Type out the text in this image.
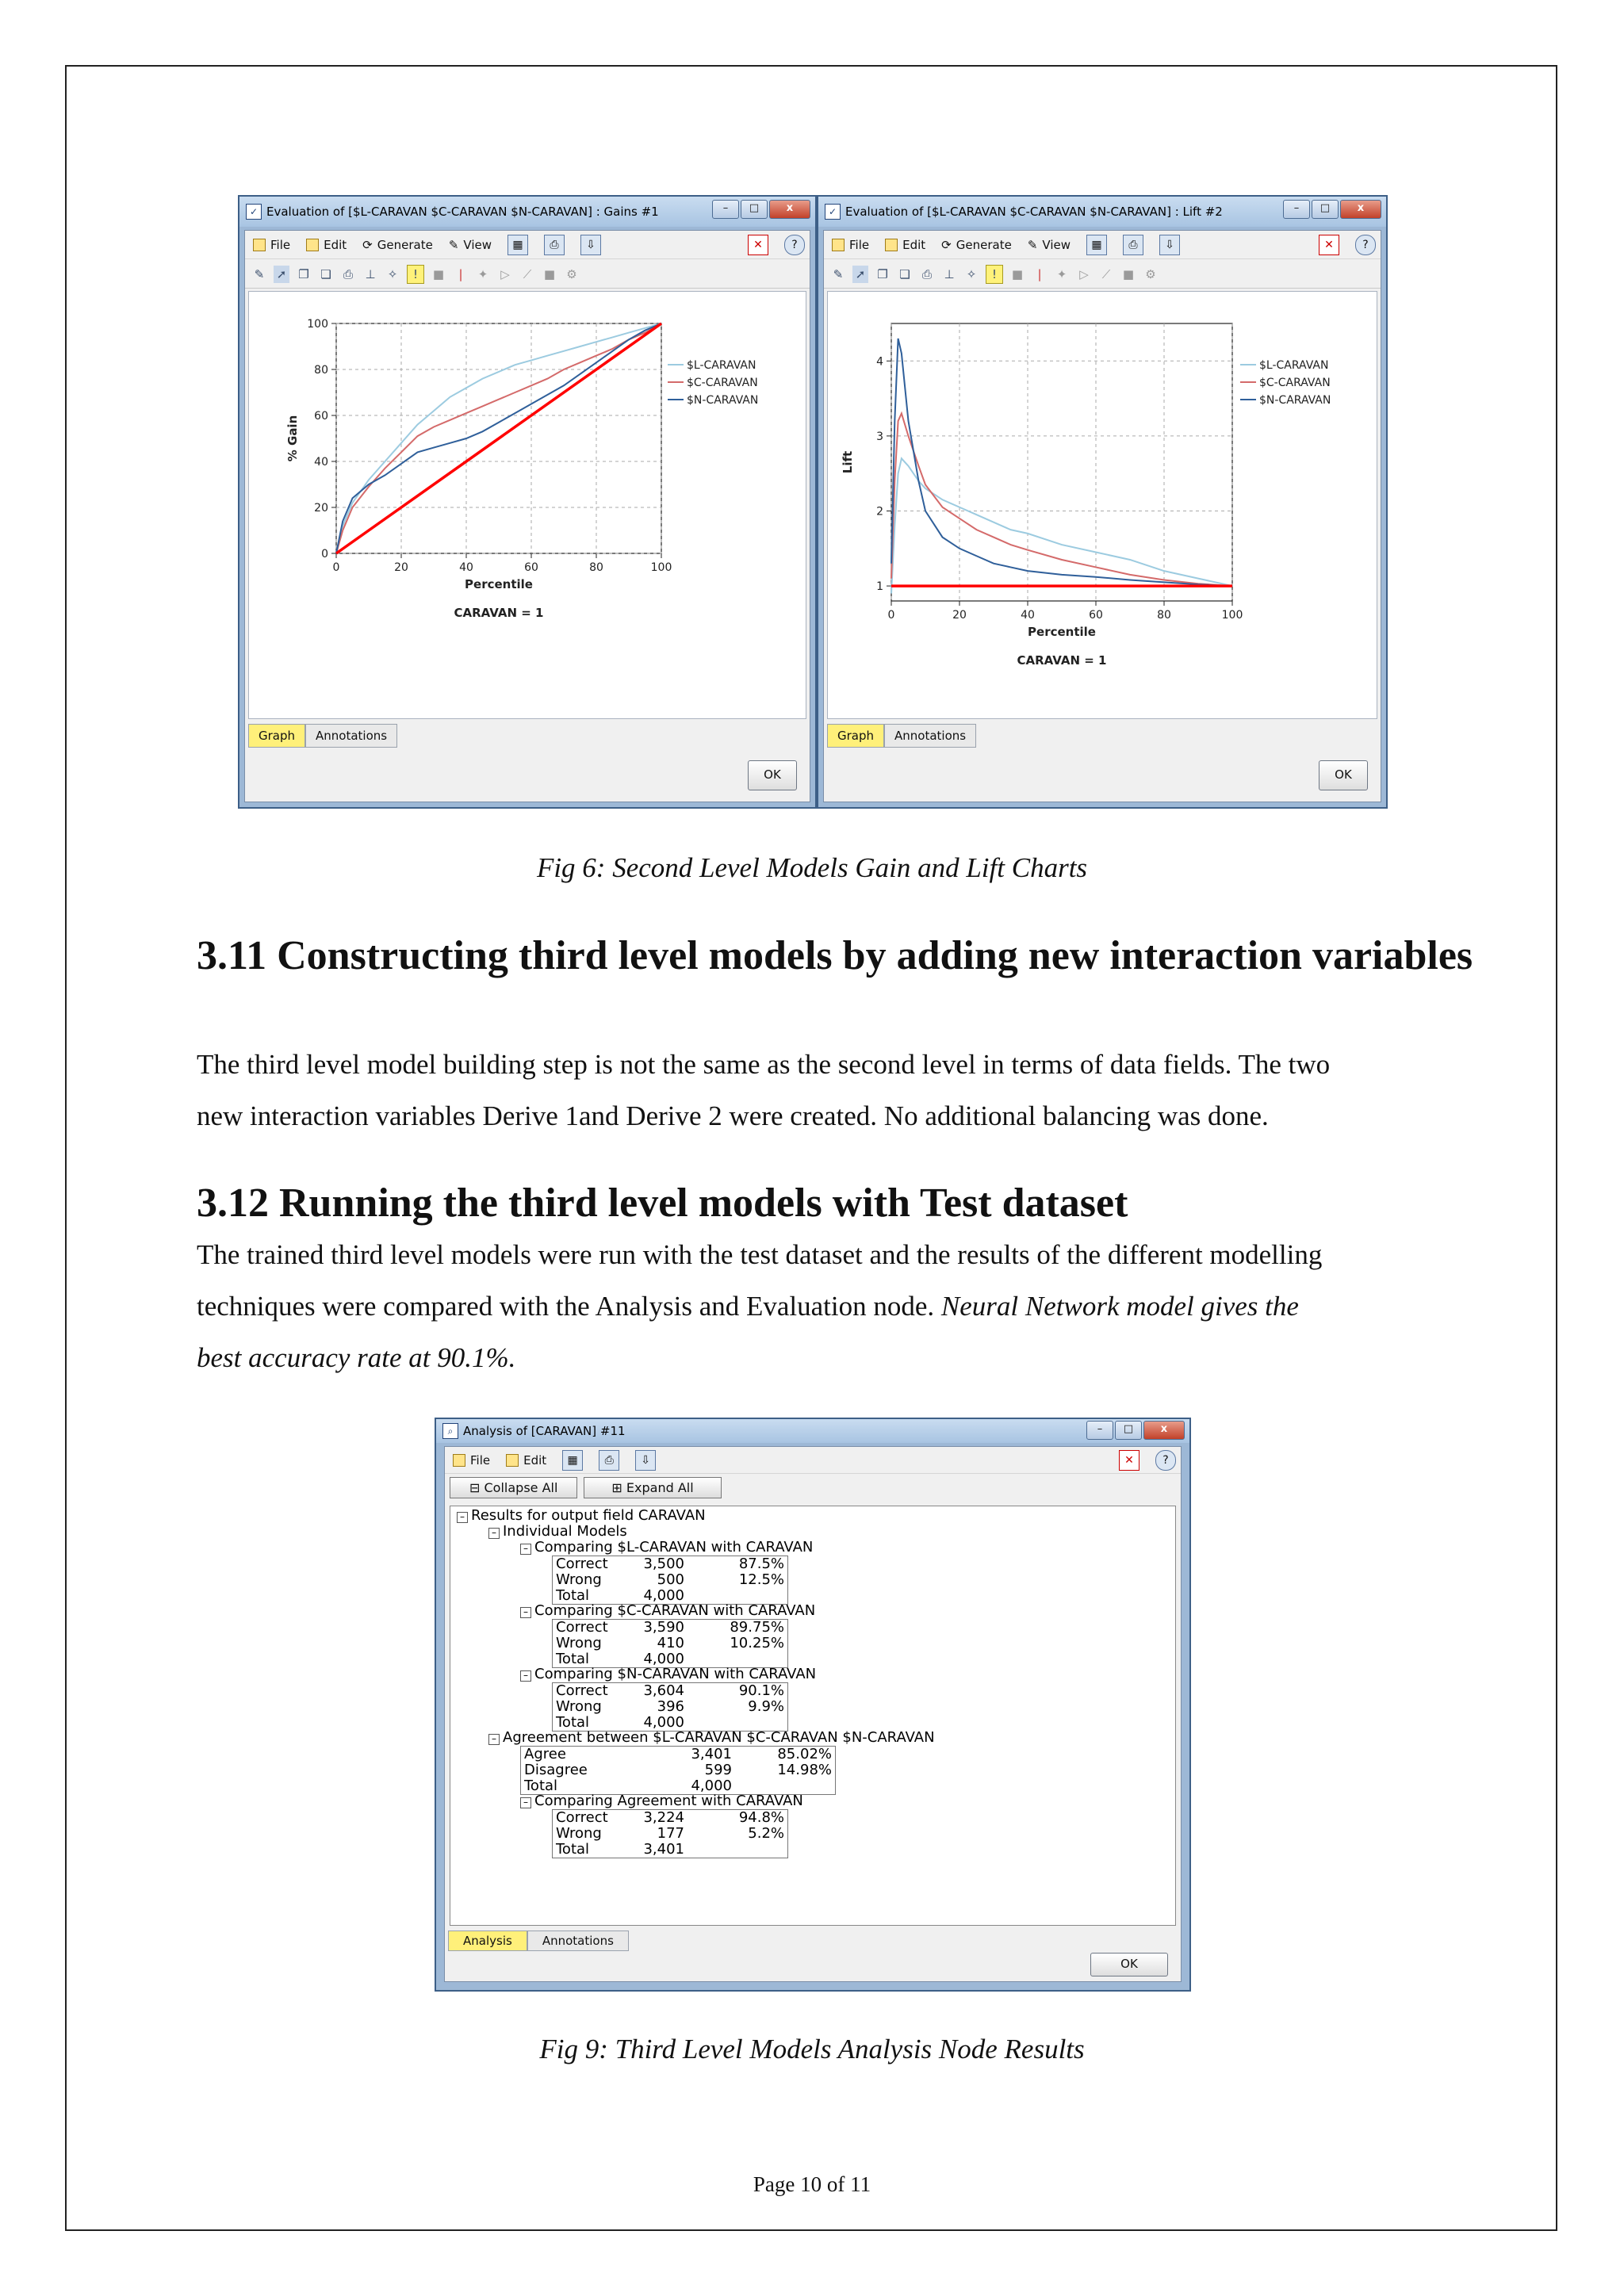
✓ Evaluation of [$L-CARAVAN $C-CARAVAN $N-CARAVAN] : Gains #1	–	□	x
File	Edit ⟳ Generate ✎ View	▦	⎙	⇩	✕	?
✎ ➚ ❐ ❏ ⎙ ⊥ ✧	!	■	|	✦ ▷	⟋	■ ⚙
0	20	40	60	80	100
0
20
40
60
80
100
Percentile
% Gain
CARAVAN = 1
$L-CARAVAN
$C-CARAVAN
$N-CARAVAN
Graph	Annotations
OK
✓ Evaluation of [$L-CARAVAN $C-CARAVAN $N-CARAVAN] : Lift #2	–	□	x
File	Edit ⟳ Generate ✎ View	▦	⎙	⇩	✕	?
✎ ➚ ❐ ❏ ⎙ ⊥ ✧	!	■	|	✦ ▷	⟋	■ ⚙
0	20	40	60	80	100
1
2
3
4
Percentile
Lift
CARAVAN = 1
$L-CARAVAN
$C-CARAVAN
$N-CARAVAN
Graph	Annotations
OK
Fig 6: Second Level Models Gain and Lift Charts
3.11 Constructing third level models by adding new interaction variables
The third level model building step is not the same as the second level in terms of data fields. The two
new interaction variables Derive 1and Derive 2 were created. No additional balancing was done.
3.12 Running the third level models with Test dataset
The trained third level models were run with the test dataset and the results of the different modelling
techniques were compared with the Analysis and Evaluation node. Neural Network model gives the
best accuracy rate at 90.1%.
⌕ Analysis of [CARAVAN] #11	–	□	x
File	Edit	▦	⎙	⇩	✕	?
⊟ Collapse All	⊞ Expand All
– Results for output field CARAVAN
– Individual Models
– Comparing $L-CARAVAN with CARAVAN
Correct 3,500	87.5%
Wrong	500	12.5%
Total	4,000
– Comparing $C-CARAVAN with CARAVAN
Correct 3,590	89.75%
Wrong	410	10.25%
Total	4,000
– Comparing $N-CARAVAN with CARAVAN
Correct 3,604	90.1%
Wrong	396	9.9%
Total	4,000
– Agreement between $L-CARAVAN $C-CARAVAN $N-CARAVAN
Agree	3,401	85.02%
Disagree	599	14.98%
Total	4,000
– Comparing Agreement with CARAVAN
Correct 3,224	94.8%
Wrong	177	5.2%
Total	3,401
Analysis	Annotations
OK
Fig 9: Third Level Models Analysis Node Results
Page 10 of 11
